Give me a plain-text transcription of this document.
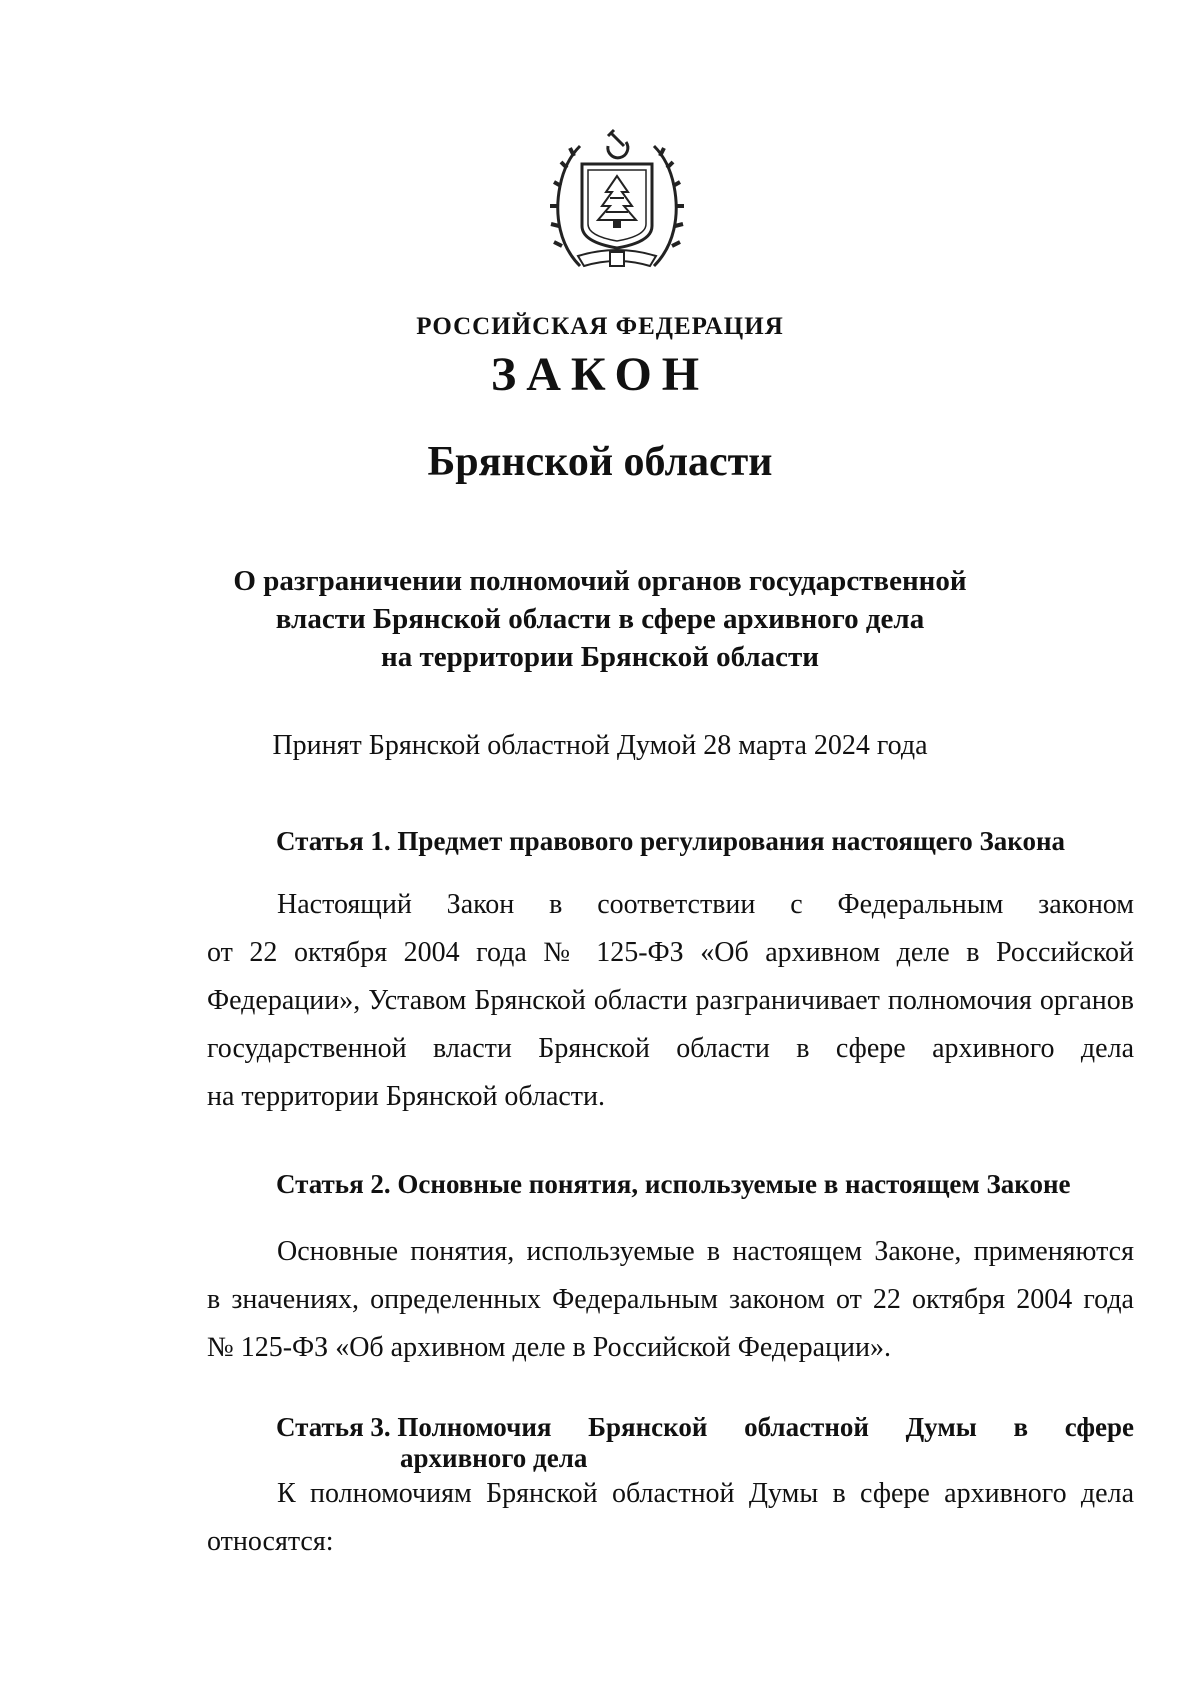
РОССИЙСКАЯ ФЕДЕРАЦИЯ
ЗАКОН
Брянской области
О разграничении полномочий органов государственной
власти Брянской области в сфере архивного дела
на территории Брянской области
Принят Брянской областной Думой 28 марта 2024 года
Статья 1. Предмет правового регулирования настоящего Закона
Настоящий Закон в соответствии с Федеральным законом
от 22 октября 2004 года № 125-ФЗ «Об архивном деле в Российской
Федерации», Уставом Брянской области разграничивает полномочия органов
государственной власти Брянской области в сфере архивного дела
на территории Брянской области.
Статья 2. Основные понятия, используемые в настоящем Законе
Основные понятия, используемые в настоящем Законе, применяются
в значениях, определенных Федеральным законом от 22 октября 2004 года
№ 125-ФЗ «Об архивном деле в Российской Федерации».
Статья 3. Полномочия Брянской областной Думы в сфере
архивного дела
К полномочиям Брянской областной Думы в сфере архивного дела
относятся:
